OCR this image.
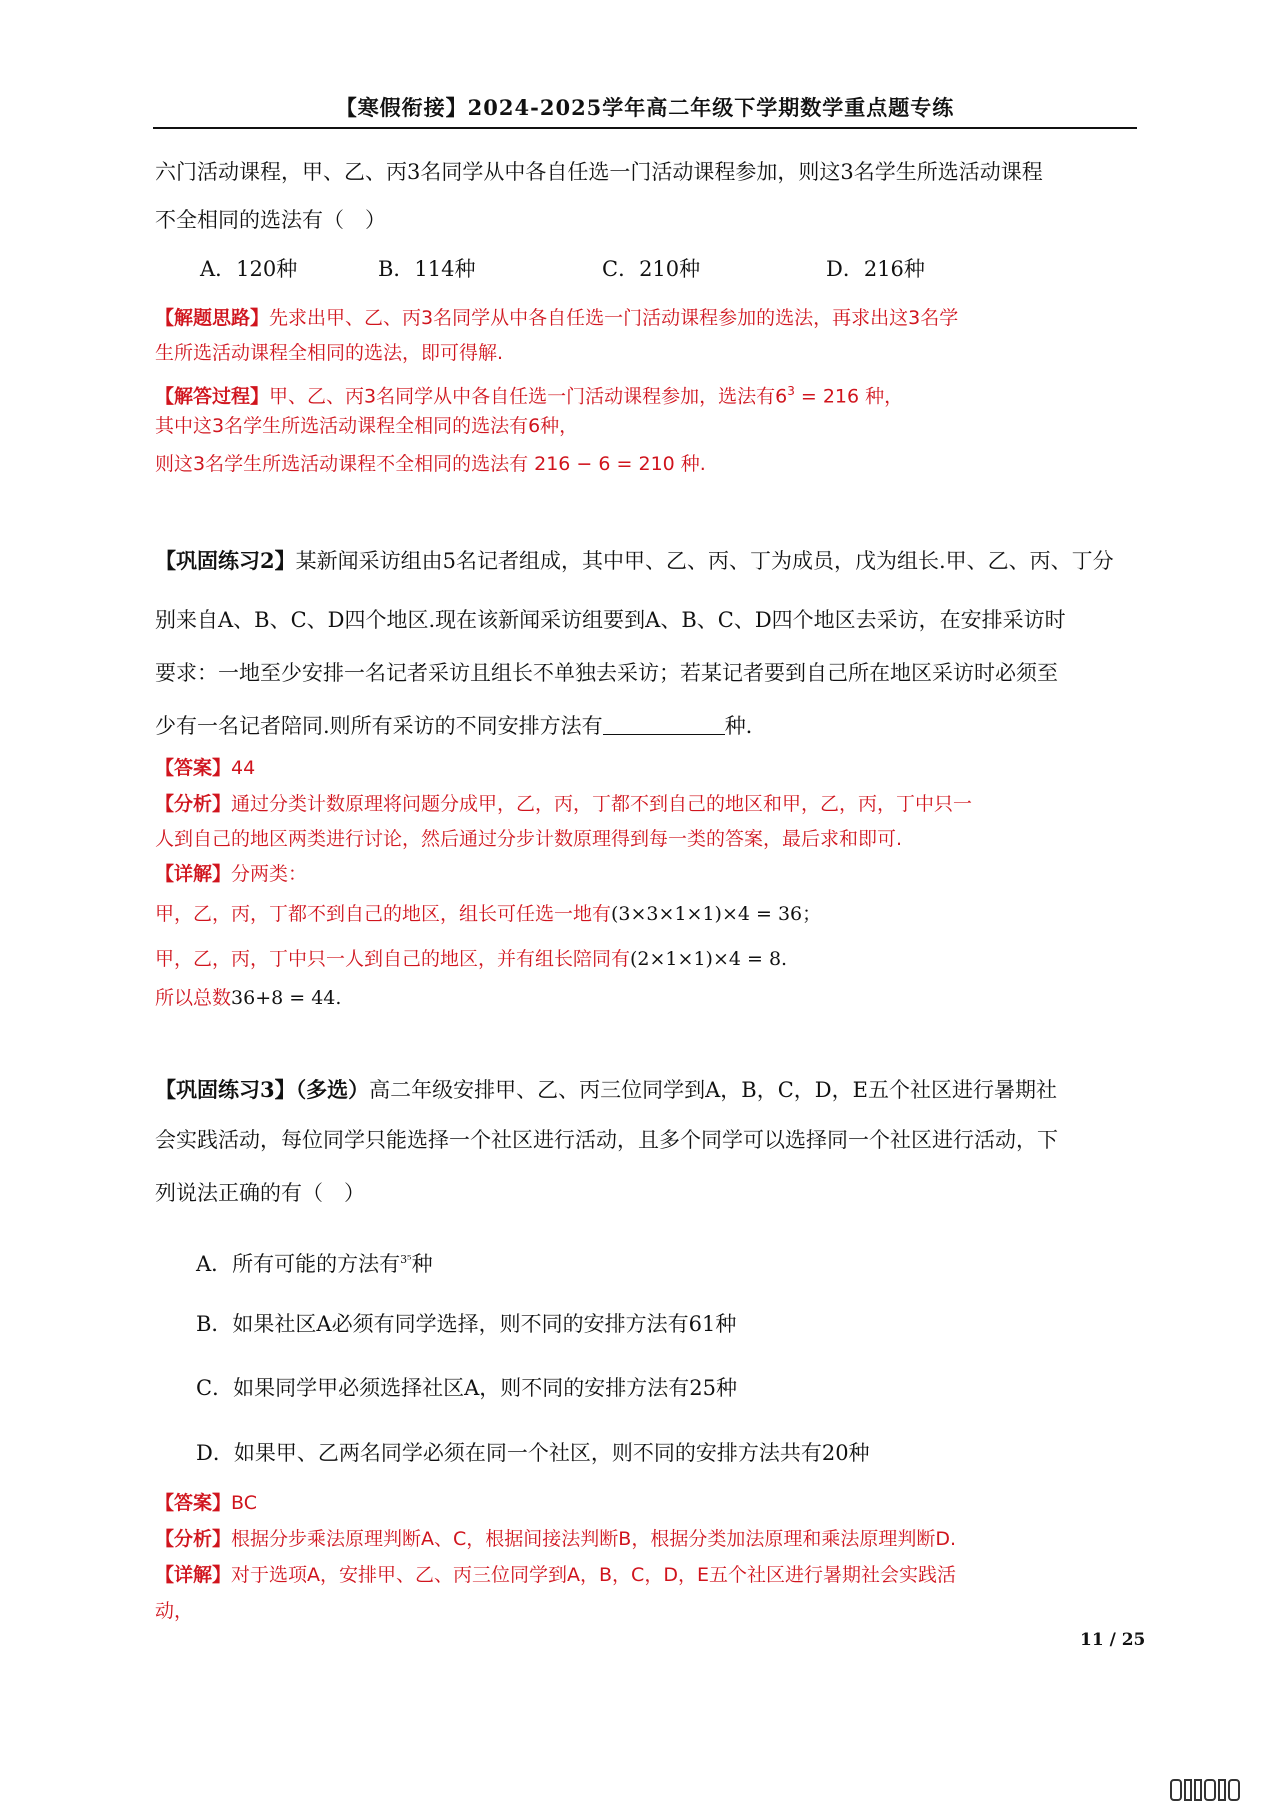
【寒假衔接】2024-2025学年高二年级下学期数学重点题专练
六门活动课程，甲、乙、丙3名同学从中各自任选一门活动课程参加，则这3名学生所选活动课程
不全相同的选法有（　）
A．120种	B．114种	C．210种	D．216种
【解题思路】先求出甲、乙、丙3名同学从中各自任选一门活动课程参加的选法，再求出这3名学
生所选活动课程全相同的选法，即可得解.
【解答过程】甲、乙、丙3名同学从中各自任选一门活动课程参加，选法有$6^3 = 216$ 种，
其中这3名学生所选活动课程全相同的选法有6种，
则这3名学生所选活动课程不全相同的选法有 216 − 6 = 210 种.
【巩固练习2】某新闻采访组由5名记者组成，其中甲、乙、丙、丁为成员，戊为组长.甲、乙、丙、丁分
别来自A、B、C、D四个地区.现在该新闻采访组要到A、B、C、D四个地区去采访，在安排采访时
要求：一地至少安排一名记者采访且组长不单独去采访；若某记者要到自己所在地区采访时必须至
少有一名记者陪同.则所有采访的不同安排方法有	种.
【答案】44
【分析】通过分类计数原理将问题分成甲，乙，丙，丁都不到自己的地区和甲，乙，丙，丁中只一
人到自己的地区两类进行讨论，然后通过分步计数原理得到每一类的答案，最后求和即可.
【详解】分两类：
甲，乙，丙，丁都不到自己的地区，组长可任选一地有(3×3×1×1)×4 = 36；
甲，乙，丙，丁中只一人到自己的地区，并有组长陪同有(2×1×1)×4 = 8.
所以总数36+8 = 44.
【巩固练习3】（多选）高二年级安排甲、乙、丙三位同学到A，B，C，D，E五个社区进行暑期社
会实践活动，每位同学只能选择一个社区进行活动，且多个同学可以选择同一个社区进行活动，下
列说法正确的有（　）
A．所有可能的方法有$^{3^5}$种
B．如果社区A必须有同学选择，则不同的安排方法有61种
C．如果同学甲必须选择社区A，则不同的安排方法有25种
D．如果甲、乙两名同学必须在同一个社区，则不同的安排方法共有20种
【答案】BC
【分析】根据分步乘法原理判断A、C，根据间接法判断B，根据分类加法原理和乘法原理判断D.
【详解】对于选项A，安排甲、乙、丙三位同学到A，B，C，D，E五个社区进行暑期社会实践活
动，
11 / 25
